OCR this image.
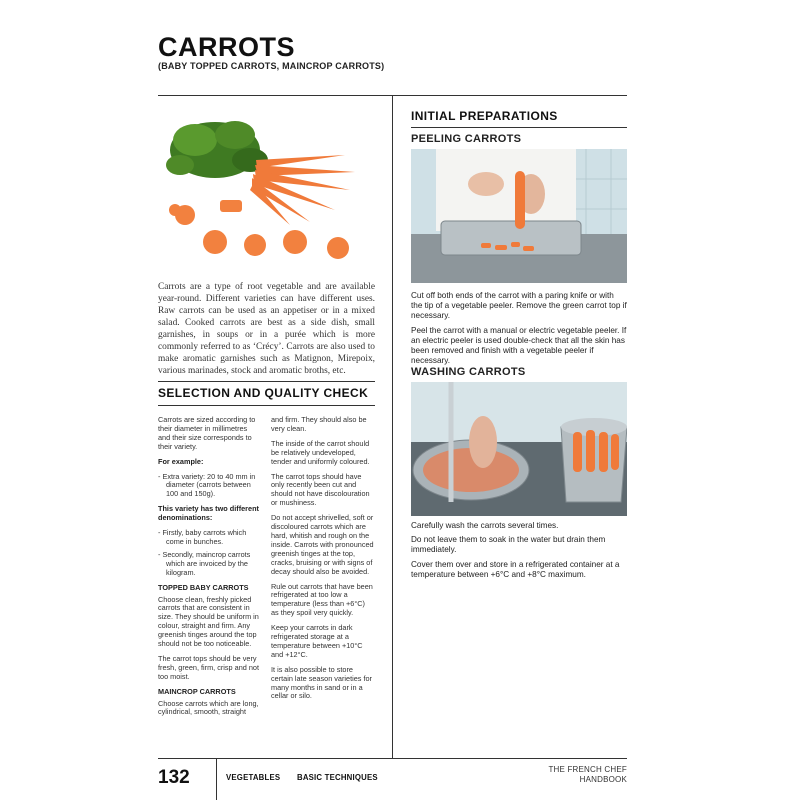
CARROTS
(BABY TOPPED CARROTS, MAINCROP CARROTS)

Carrots are a type of root vegetable and are available year-round. Different varieties can have different uses. Raw carrots can be used as an appetiser or in a mixed salad. Cooked carrots are best as a side dish, small garnishes, in soups or in a purée which is more commonly referred to as ‘Crécy’. Carrots are also used to make aromatic garnishes such as Matignon, Mirepoix, various marinades, stock and aromatic broths, etc.

SELECTION AND QUALITY CHECK

Carrots are sized according to their diameter in millimetres and their size corresponds to their variety.

For example:

- Extra variety: 20 to 40 mm in diameter (carrots between 100 and 150g).

This variety has two different denominations:

- Firstly, baby carrots which come in bunches.
- Secondly, maincrop carrots which are invoiced by the kilogram.

TOPPED BABY CARROTS

Choose clean, freshly picked carrots that are consistent in size. They should be uniform in colour, straight and firm. Any greenish tinges around the top should not be too noticeable.

The carrot tops should be very fresh, green, firm, crisp and not too moist.

MAINCROP CARROTS

Choose carrots which are long, cylindrical, smooth, straight

and firm. They should also be very clean.

The inside of the carrot should be relatively undeveloped, tender and uniformly coloured.

The carrot tops should have only recently been cut and should not have discolouration or mushiness.

Do not accept shrivelled, soft or discoloured carrots which are hard, whitish and rough on the inside. Carrots with pronounced greenish tinges at the top, cracks, bruising or with signs of decay should also be avoided.

Rule out carrots that have been refrigerated at too low a temperature (less than +6°C) as they spoil very quickly.

Keep your carrots in dark refrigerated storage at a temperature between +10°C and +12°C.

It is also possible to store certain late season varieties for many months in sand or in a cellar or silo.

INITIAL PREPARATIONS
PEELING CARROTS

Cut off both ends of the carrot with a paring knife or with the tip of a vegetable peeler. Remove the green carrot top if necessary.

Peel the carrot with a manual or electric vegetable peeler. If an electric peeler is used double-check that all the skin has been removed and finish with a vegetable peeler if necessary.

WASHING CARROTS

Carefully wash the carrots several times.

Do not leave them to soak in the water but drain them immediately.

Cover them over and store in a refrigerated container at a temperature between +6°C and +8°C maximum.

132	VEGETABLES BASIC TECHNIQUES
THE FRENCH CHEF
HANDBOOK
